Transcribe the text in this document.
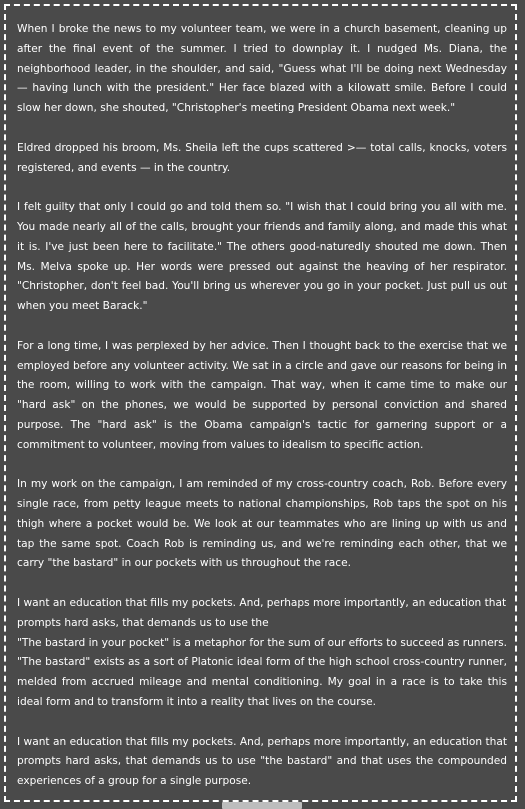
When I broke the news to my volunteer team, we were in a church basement, cleaning up after the final event of the summer. I tried to downplay it. I nudged Ms. Diana, the neighborhood leader, in the shoulder, and said, "Guess what I'll be doing next Wednesday — having lunch with the president." Her face blazed with a kilowatt smile. Before I could slow her down, she shouted, "Christopher's meeting President Obama next week."

Eldred dropped his broom, Ms. Sheila left the cups scattered >— total calls, knocks, voters registered, and events — in the country.

I felt guilty that only I could go and told them so. "I wish that I could bring you all with me. You made nearly all of the calls, brought your friends and family along, and made this what it is. I've just been here to facilitate." The others good-naturedly shouted me down. Then Ms. Melva spoke up. Her words were pressed out against the heaving of her respirator. "Christopher, don't feel bad. You'll bring us wherever you go in your pocket. Just pull us out when you meet Barack."

For a long time, I was perplexed by her advice. Then I thought back to the exercise that we employed before any volunteer activity. We sat in a circle and gave our reasons for being in the room, willing to work with the campaign. That way, when it came time to make our "hard ask" on the phones, we would be supported by personal conviction and shared purpose. The "hard ask" is the Obama campaign's tactic for garnering support or a commitment to volunteer, moving from values to idealism to specific action.

In my work on the campaign, I am reminded of my cross-country coach, Rob. Before every single race, from petty league meets to national championships, Rob taps the spot on his thigh where a pocket would be. We look at our teammates who are lining up with us and tap the same spot. Coach Rob is reminding us, and we're reminding each other, that we carry "the bastard" in our pockets with us throughout the race.

I want an education that fills my pockets. And, perhaps more importantly, an education that prompts hard asks, that demands us to use the

"The bastard in your pocket" is a metaphor for the sum of our efforts to succeed as runners. "The bastard" exists as a sort of Platonic ideal form of the high school cross-country runner, melded from accrued mileage and mental conditioning. My goal in a race is to take this ideal form and to transform it into a reality that lives on the course.

I want an education that fills my pockets. And, perhaps more importantly, an education that prompts hard asks, that demands us to use "the bastard" and that uses the compounded experiences of a group for a single purpose.
